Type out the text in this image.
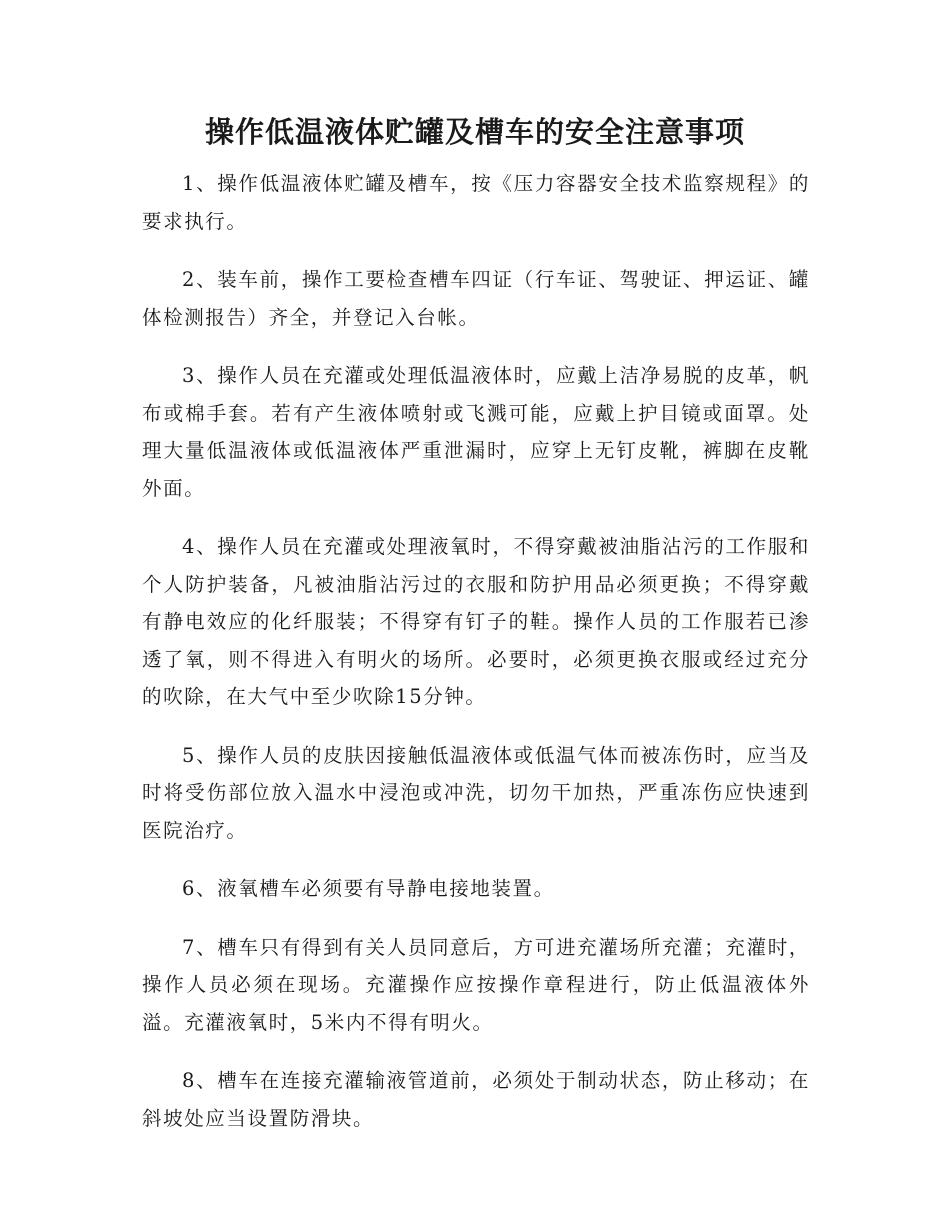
操作低温液体贮罐及槽车的安全注意事项

1、操作低温液体贮罐及槽车，按《压力容器安全技术监察规程》的要求执行。

2、装车前，操作工要检查槽车四证（行车证、驾驶证、押运证、罐体检测报告）齐全，并登记入台帐。

3、操作人员在充灌或处理低温液体时，应戴上洁净易脱的皮革，帆布或棉手套。若有产生液体喷射或飞溅可能，应戴上护目镜或面罩。处理大量低温液体或低温液体严重泄漏时，应穿上无钉皮靴，裤脚在皮靴外面。

4、操作人员在充灌或处理液氧时，不得穿戴被油脂沾污的工作服和个人防护装备，凡被油脂沾污过的衣服和防护用品必须更换；不得穿戴有静电效应的化纤服装；不得穿有钉子的鞋。操作人员的工作服若已渗透了氧，则不得进入有明火的场所。必要时，必须更换衣服或经过充分的吹除，在大气中至少吹除15分钟。

5、操作人员的皮肤因接触低温液体或低温气体而被冻伤时，应当及时将受伤部位放入温水中浸泡或冲洗，切勿干加热，严重冻伤应快速到医院治疗。

6、液氧槽车必须要有导静电接地装置。

7、槽车只有得到有关人员同意后，方可进充灌场所充灌；充灌时，操作人员必须在现场。充灌操作应按操作章程进行，防止低温液体外溢。充灌液氧时，5米内不得有明火。

8、槽车在连接充灌输液管道前，必须处于制动状态，防止移动；在斜坡处应当设置防滑块。
